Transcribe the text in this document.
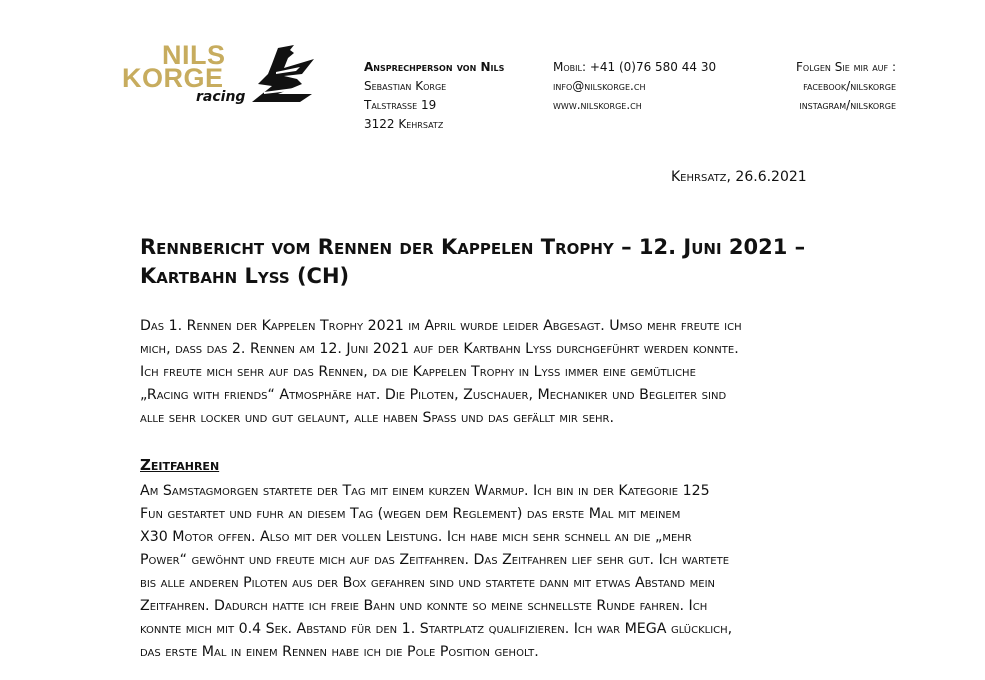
NILS
KORGE
racing
Ansprechperson von Nils
Sebastian Korge
Talstrasse 19
3122 Kehrsatz
Mobil: +41 (0)76 580 44 30
info@nilskorge.ch
www.nilskorge.ch
Folgen Sie mir auf :
facebook/nilskorge
instagram/nilskorge
Kehrsatz, 26.6.2021
Rennbericht vom Rennen der Kappelen Trophy – 12. Juni 2021 –
Kartbahn Lyss (CH)
Das 1. Rennen der Kappelen Trophy 2021 im April wurde leider Abgesagt. Umso mehr freute ich
mich, dass das 2. Rennen am 12. Juni 2021 auf der Kartbahn Lyss durchgeführt werden konnte.
Ich freute mich sehr auf das Rennen, da die Kappelen Trophy in Lyss immer eine gemütliche
„Racing with friends“ Atmosphäre hat. Die Piloten, Zuschauer, Mechaniker und Begleiter sind
alle sehr locker und gut gelaunt, alle haben Spass und das gefällt mir sehr.
Zeitfahren
Am Samstagmorgen startete der Tag mit einem kurzen Warmup. Ich bin in der Kategorie 125
Fun gestartet und fuhr an diesem Tag (wegen dem Reglement) das erste Mal mit meinem
X30 Motor offen. Also mit der vollen Leistung. Ich habe mich sehr schnell an die „mehr
Power“ gewöhnt und freute mich auf das Zeitfahren. Das Zeitfahren lief sehr gut. Ich wartete
bis alle anderen Piloten aus der Box gefahren sind und startete dann mit etwas Abstand mein
Zeitfahren. Dadurch hatte ich freie Bahn und konnte so meine schnellste Runde fahren. Ich
konnte mich mit 0.4 Sek. Abstand für den 1. Startplatz qualifizieren. Ich war MEGA glücklich,
das erste Mal in einem Rennen habe ich die Pole Position geholt.
